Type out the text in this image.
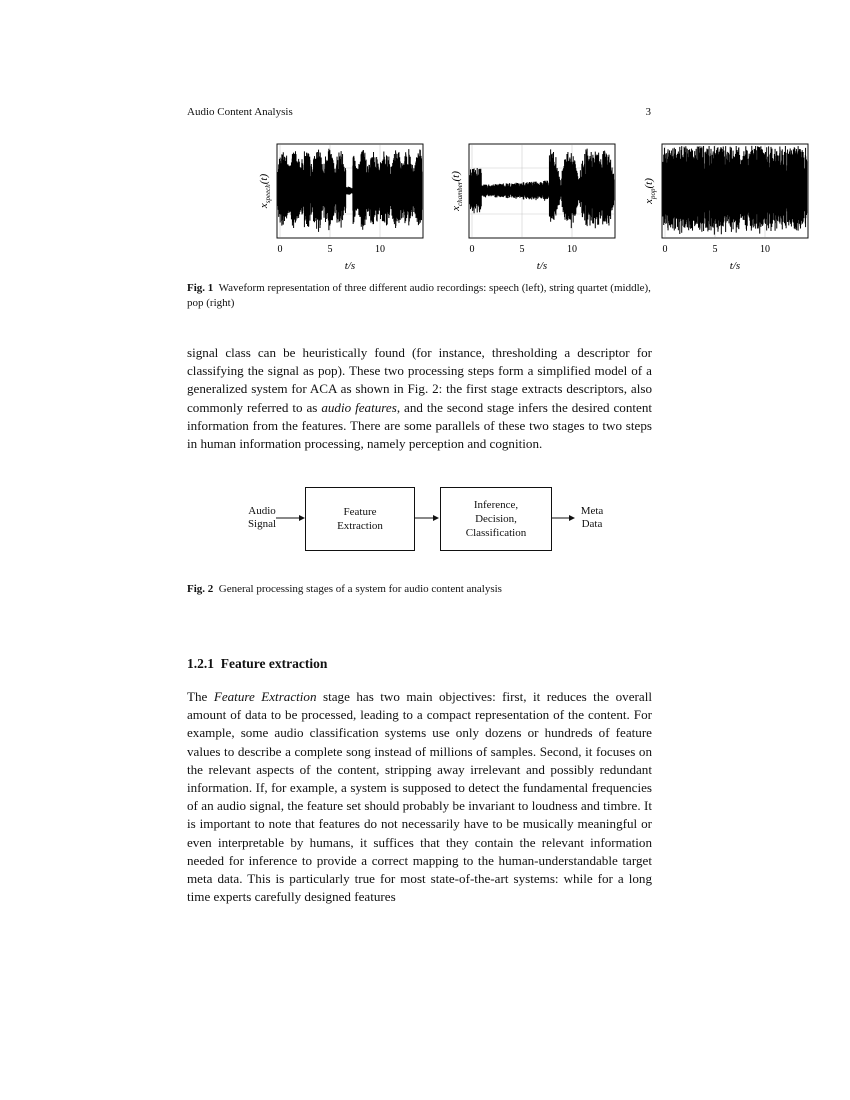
Audio Content Analysis	3
0	5	10
t/s
$x_{speech}(t)$
0	5	10
t/s
$x_{chamber}(t)$
0	5	10
t/s
$x_{pop}(t)$
Fig. 1 Waveform representation of three different audio recordings: speech (left), string quartet (middle), pop (right)

signal class can be heuristically found (for instance, thresholding a descriptor for classifying the signal as pop). These two processing steps form a simplified model of a generalized system for ACA as shown in Fig. 2: the first stage extracts descriptors, also commonly referred to as audio features, and the second stage infers the desired content information from the features. There are some parallels of these two stages to two steps in human information processing, namely perception and cognition.

Audio
Signal
Feature
Extraction
Inference,
Decision,
Classification
Meta
Data
Fig. 2 General processing stages of a system for audio content analysis
1.2.1 Feature extraction

The Feature Extraction stage has two main objectives: first, it reduces the overall amount of data to be processed, leading to a compact representation of the content. For example, some audio classification systems use only dozens or hundreds of feature values to describe a complete song instead of millions of samples. Second, it focuses on the relevant aspects of the content, stripping away irrelevant and possibly redundant information. If, for example, a system is supposed to detect the fundamental frequencies of an audio signal, the feature set should probably be invariant to loudness and timbre. It is important to note that features do not necessarily have to be musically meaningful or even interpretable by humans, it suffices that they contain the relevant information needed for inference to provide a correct mapping to the human-understandable target meta data. This is particularly true for most state-of-the-art systems: while for a long time experts carefully designed features
